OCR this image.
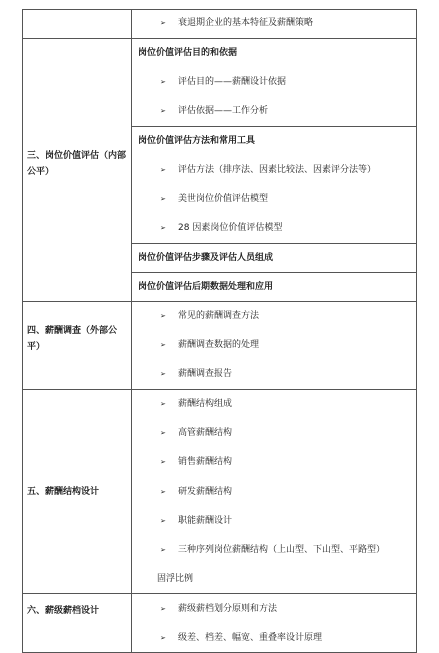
➢ 衰退期企业的基本特征及薪酬策略
三、岗位价值评估（内部公平）
岗位价值评估目的和依据
➢ 评估目的——薪酬设计依据
➢ 评估依据——工作分析
岗位价值评估方法和常用工具
➢ 评估方法（排序法、因素比较法、因素评分法等）
➢ 美世岗位价值评估模型
➢ 28 因素岗位价值评估模型
岗位价值评估步骤及评估人员组成
岗位价值评估后期数据处理和应用
四、薪酬调查（外部公平）
➢ 常见的薪酬调查方法
➢ 薪酬调查数据的处理
➢ 薪酬调查报告
五、薪酬结构设计
➢ 薪酬结构组成
➢ 高管薪酬结构
➢ 销售薪酬结构
➢ 研发薪酬结构
➢ 职能薪酬设计
➢ 三种序列岗位薪酬结构（上山型、下山型、平路型）
固浮比例
六、薪级薪档设计	➢ 薪级薪档划分原则和方法
➢ 级差、档差、幅宽、重叠率设计原理
